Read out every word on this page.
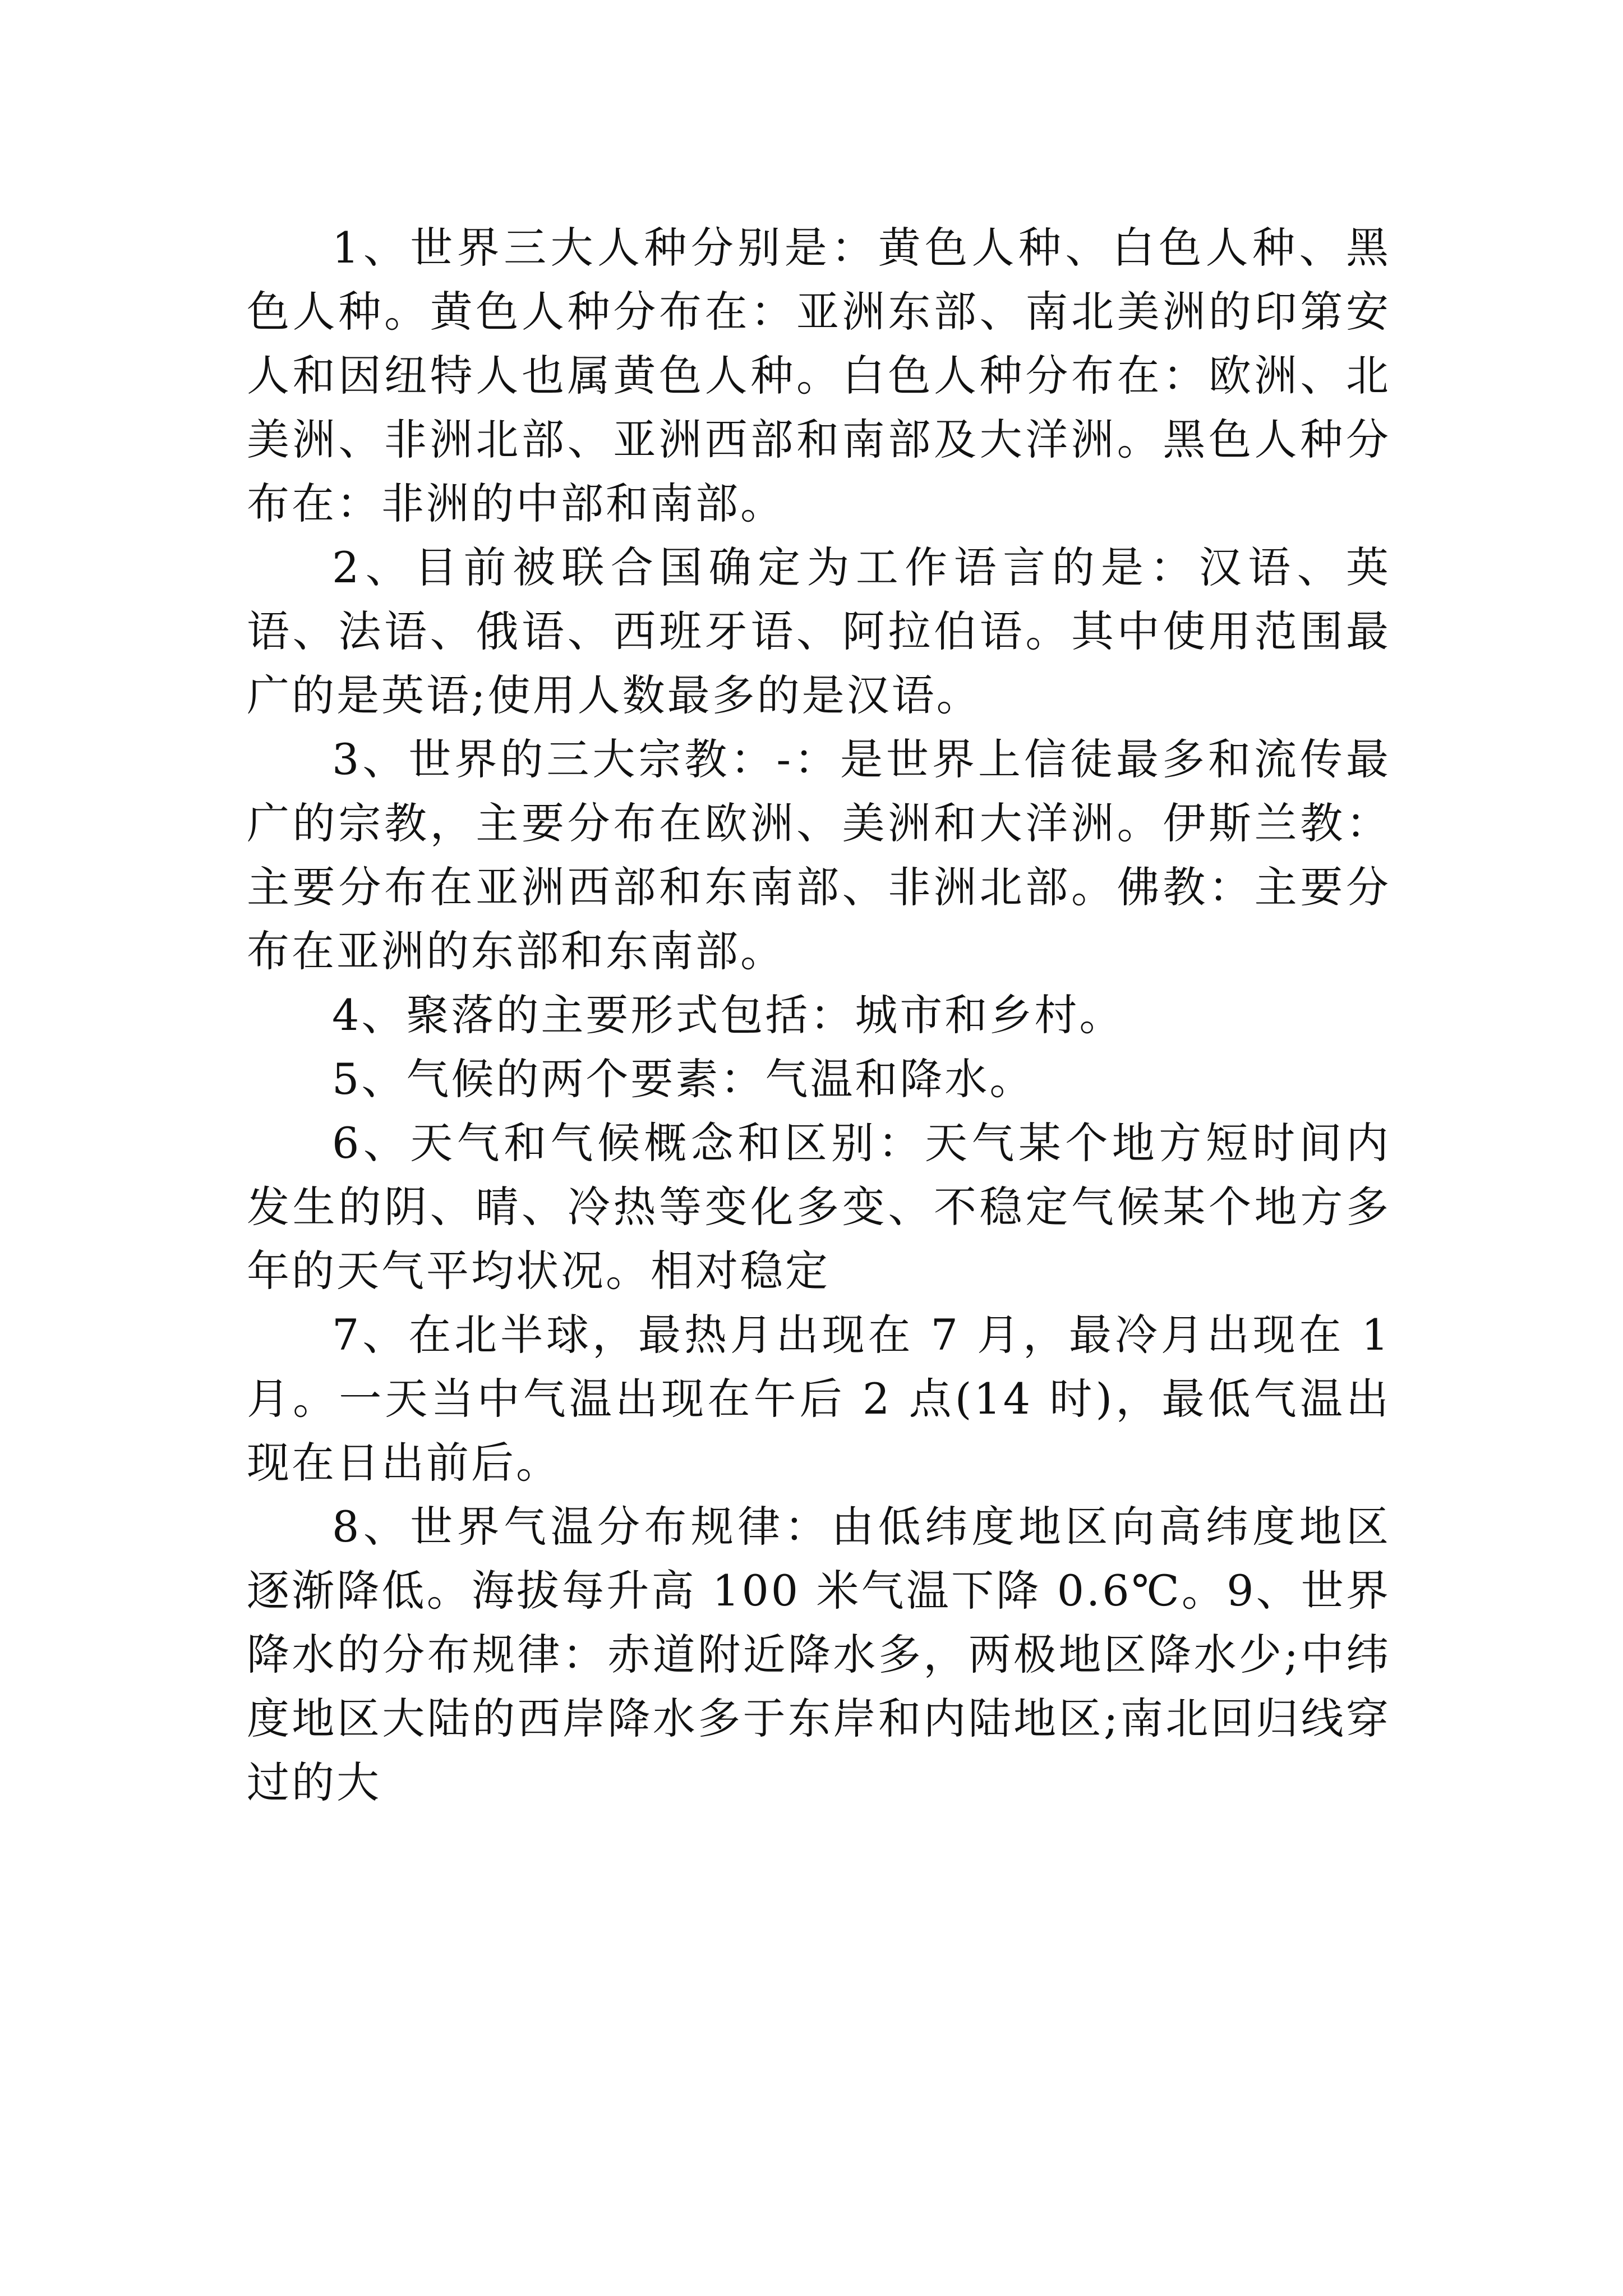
1、世界三大人种分别是：黄色人种、白色人种、黑色人种。黄色人种分布在：亚洲东部、南北美洲的印第安人和因纽特人也属黄色人种。白色人种分布在：欧洲、北美洲、非洲北部、亚洲西部和南部及大洋洲。黑色人种分布在：非洲的中部和南部。

2、目前被联合国确定为工作语言的是：汉语、英语、法语、俄语、西班牙语、阿拉伯语。其中使用范围最广的是英语;使用人数最多的是汉语。

3、世界的三大宗教：-：是世界上信徒最多和流传最广的宗教，主要分布在欧洲、美洲和大洋洲。伊斯兰教：主要分布在亚洲西部和东南部、非洲北部。佛教：主要分布在亚洲的东部和东南部。

4、聚落的主要形式包括：城市和乡村。

5、气候的两个要素：气温和降水。

6、天气和气候概念和区别：天气某个地方短时间内发生的阴、晴、冷热等变化多变、不稳定气候某个地方多年的天气平均状况。相对稳定

7、在北半球，最热月出现在 7 月，最冷月出现在 1 月。一天当中气温出现在午后 2 点(14 时)，最低气温出现在日出前后。

8、世界气温分布规律：由低纬度地区向高纬度地区逐渐降低。海拔每升高 100 米气温下降 0.6℃。9、世界降水的分布规律：赤道附近降水多，两极地区降水少;中纬度地区大陆的西岸降水多于东岸和内陆地区;南北回归线穿过的大
